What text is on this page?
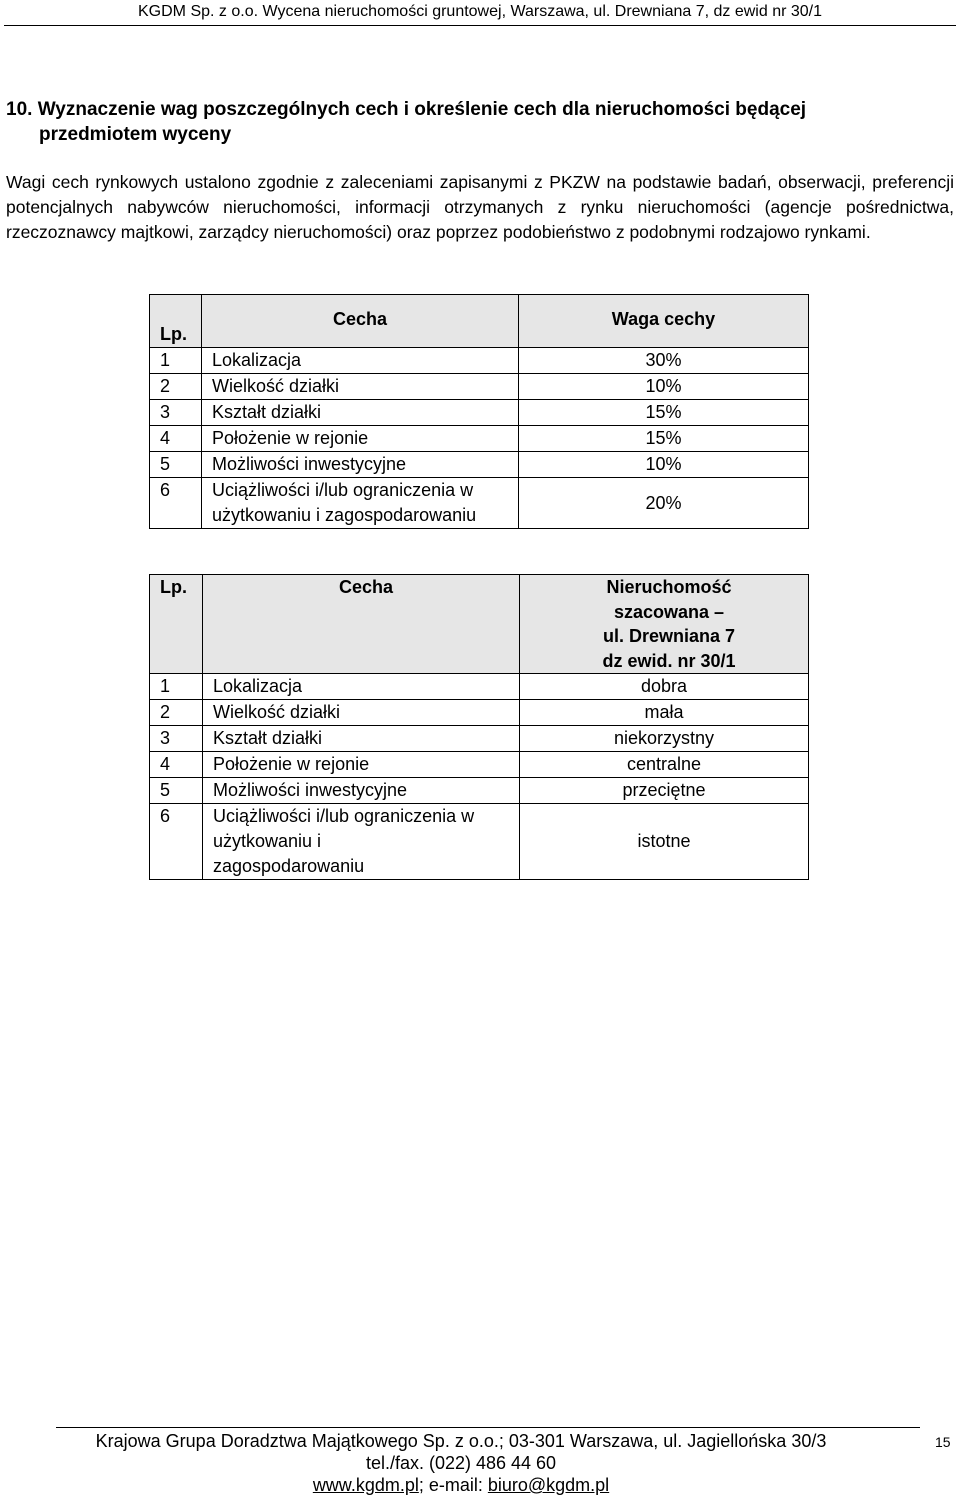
KGDM Sp. z o.o. Wycena nieruchomości gruntowej, Warszawa, ul. Drewniana 7, dz ewid nr 30/1
10. Wyznaczenie wag poszczególnych cech i określenie cech dla nieruchomości będącej
przedmiotem wyceny
Wagi cech rynkowych ustalono zgodnie z zaleceniami zapisanymi z PKZW na podstawie badań, obserwacji, preferencji potencjalnych nabywców nieruchomości, informacji otrzymanych z rynku nieruchomości (agencje pośrednictwa, rzeczoznawcy majtkowi, zarządcy nieruchomości) oraz poprzez podobieństwo z podobnymi rodzajowo rynkami.
Lp.	Cecha	Waga cechy
1	Lokalizacja	30%
2	Wielkość działki	10%
3	Kształt działki	15%
4	Położenie w rejonie	15%
5	Możliwości inwestycyjne	10%
6	Uciążliwości i/lub ograniczenia w
użytkowaniu i zagospodarowaniu	20%
Lp.	Cecha	Nieruchomość
szacowana –
ul. Drewniana 7
dz ewid. nr 30/1

1	Lokalizacja	dobra
2	Wielkość działki	mała
3	Kształt działki	niekorzystny
4	Położenie w rejonie	centralne
5	Możliwości inwestycyjne	przeciętne
6	Uciążliwości i/lub ograniczenia w
użytkowaniu i
zagospodarowaniu	istotne
Krajowa Grupa Doradztwa Majątkowego Sp. z o.o.; 03-301 Warszawa, ul. Jagiellońska 30/3
tel./fax. (022) 486 44 60
www.kgdm.pl; e-mail: biuro@kgdm.pl
15
